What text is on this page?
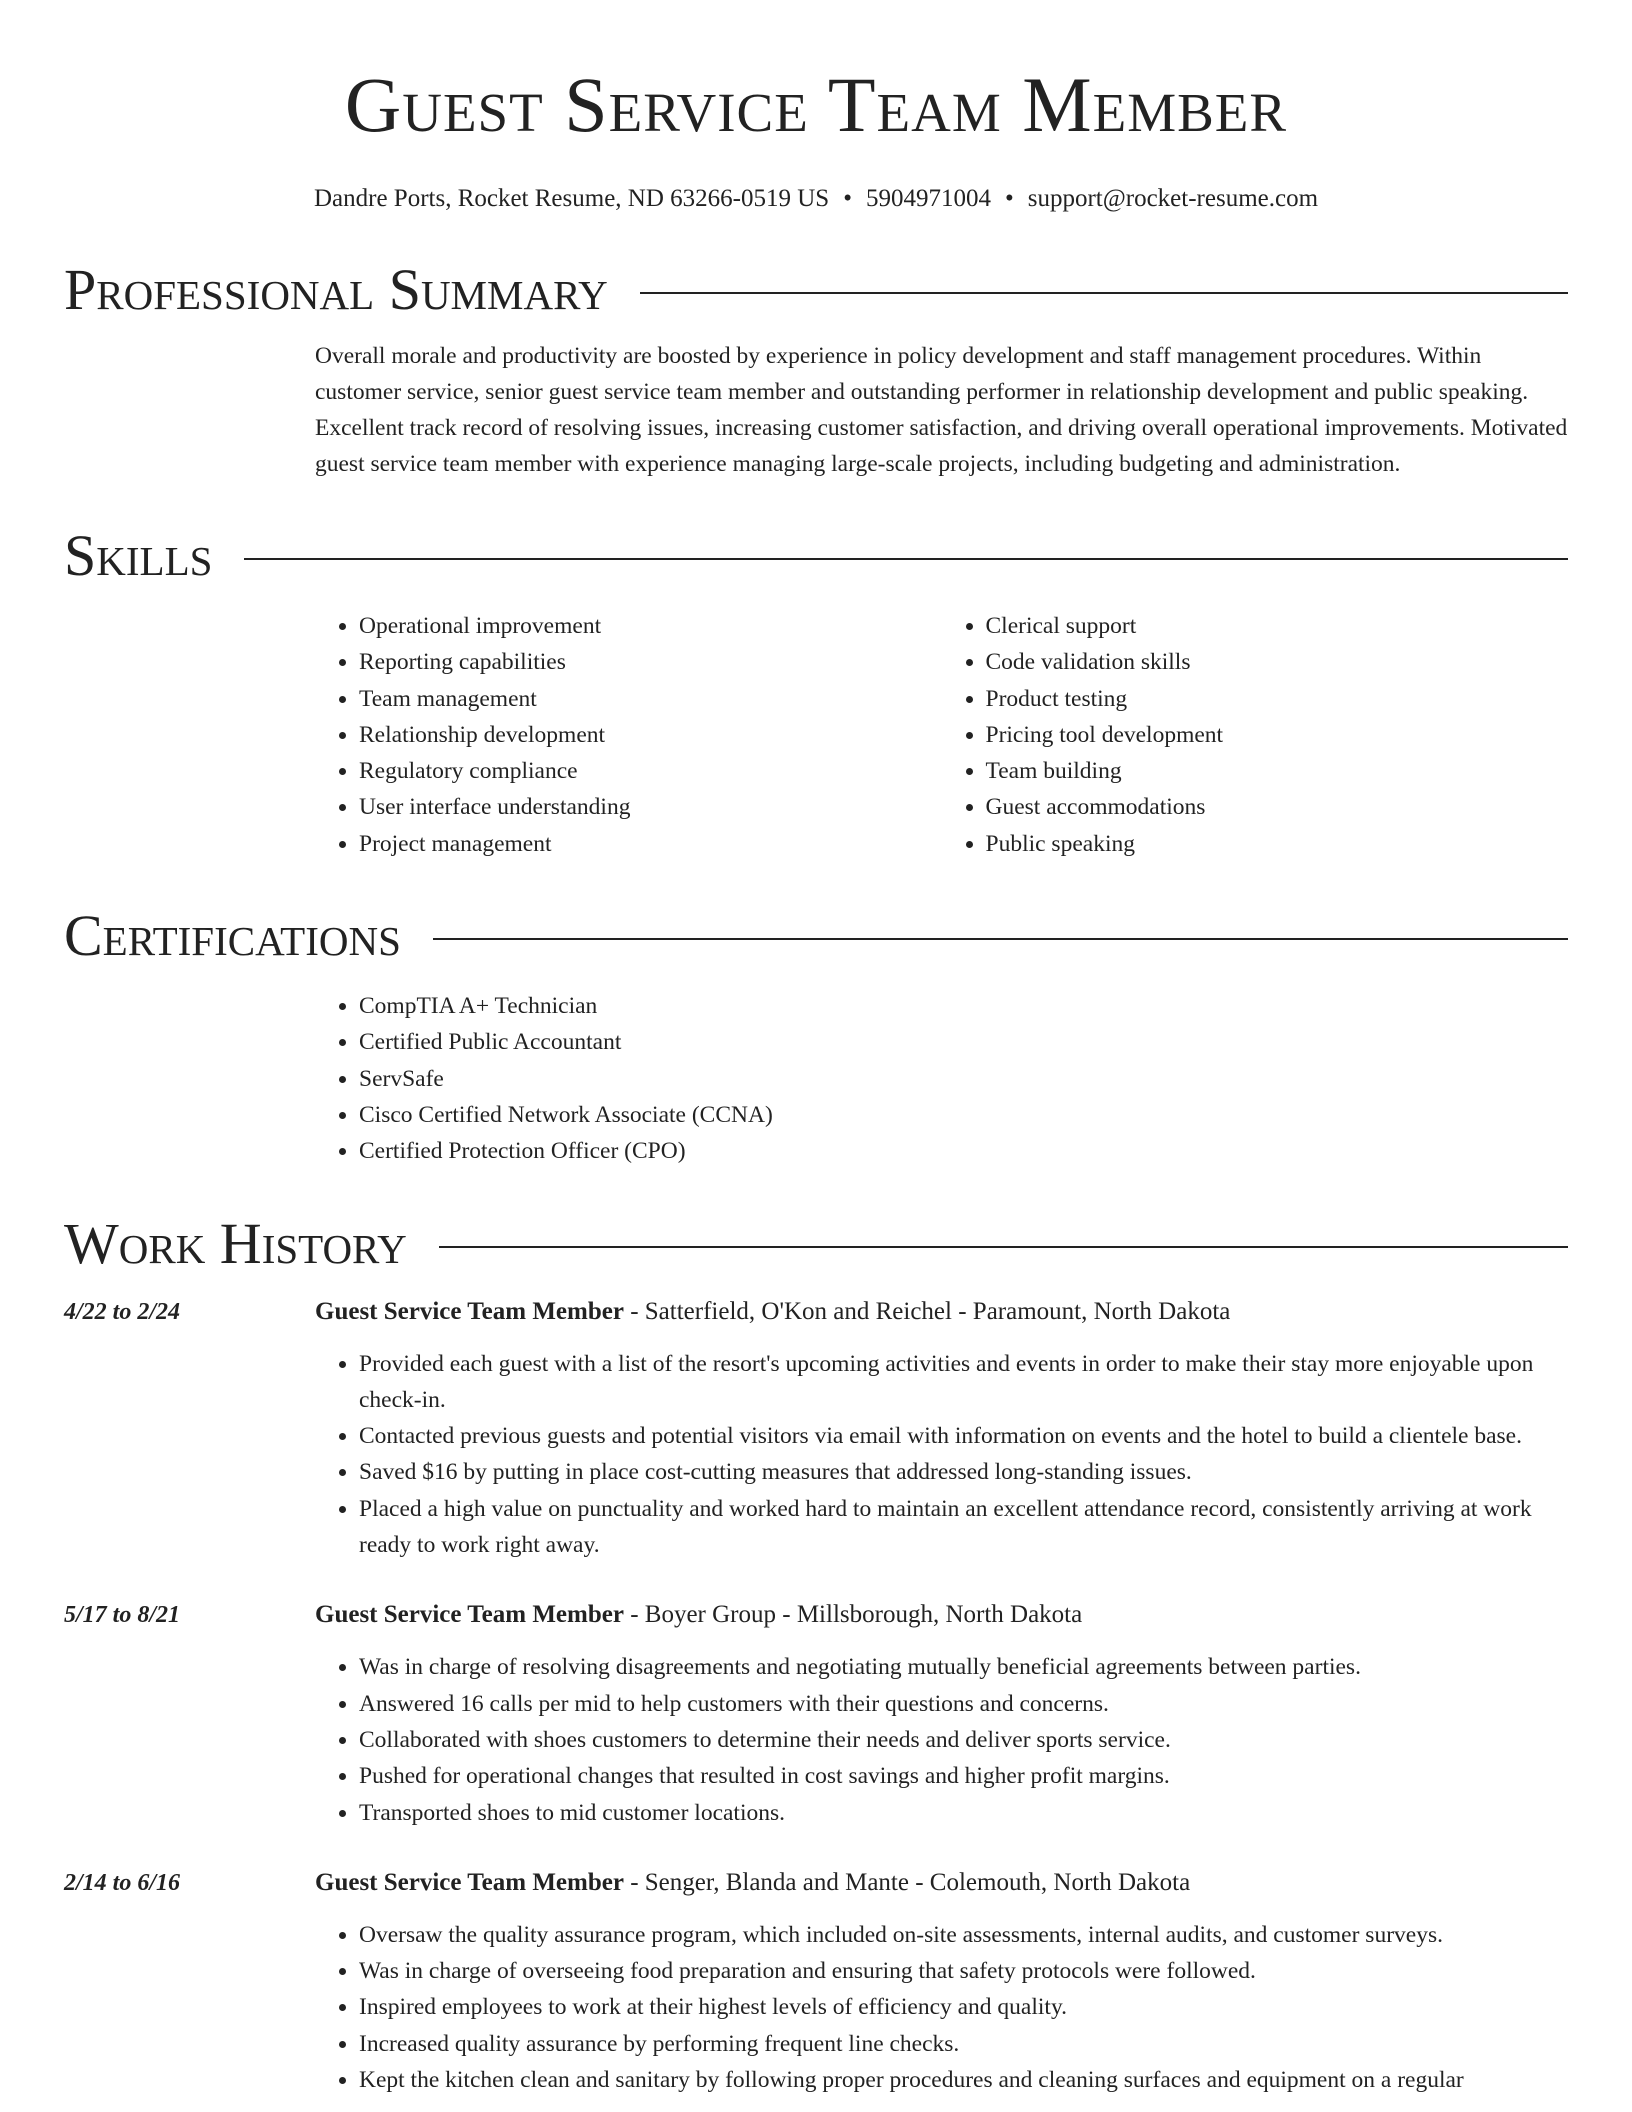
Guest Service Team Member
Dandre Ports, Rocket Resume, ND 63266-0519 US • 5904971004 • support@rocket-resume.com
Professional Summary
Overall morale and productivity are boosted by experience in policy development and staff management procedures. Within customer service, senior guest service team member and outstanding performer in relationship development and public speaking. Excellent track record of resolving issues, increasing customer satisfaction, and driving overall operational improvements. Motivated guest service team member with experience managing large-scale projects, including budgeting and administration.
Skills
• Operational improvement
• Reporting capabilities
• Team management
• Relationship development
• Regulatory compliance
• User interface understanding
• Project management
• Clerical support
• Code validation skills
• Product testing
• Pricing tool development
• Team building
• Guest accommodations
• Public speaking
Certifications
• CompTIA A+ Technician
• Certified Public Accountant
• ServSafe
• Cisco Certified Network Associate (CCNA)
• Certified Protection Officer (CPO)
Work History
4/22 to 2/24	Guest Service Team Member - Satterfield, O'Kon and Reichel - Paramount, North Dakota
• Provided each guest with a list of the resort's upcoming activities and events in order to make their stay more enjoyable upon check-in.
• Contacted previous guests and potential visitors via email with information on events and the hotel to build a clientele base.
• Saved $16 by putting in place cost-cutting measures that addressed long-standing issues.
• Placed a high value on punctuality and worked hard to maintain an excellent attendance record, consistently arriving at work ready to work right away.
5/17 to 8/21	Guest Service Team Member - Boyer Group - Millsborough, North Dakota
• Was in charge of resolving disagreements and negotiating mutually beneficial agreements between parties.
• Answered 16 calls per mid to help customers with their questions and concerns.
• Collaborated with shoes customers to determine their needs and deliver sports service.
• Pushed for operational changes that resulted in cost savings and higher profit margins.
• Transported shoes to mid customer locations.
2/14 to 6/16	Guest Service Team Member - Senger, Blanda and Mante - Colemouth, North Dakota
• Oversaw the quality assurance program, which included on-site assessments, internal audits, and customer surveys.
• Was in charge of overseeing food preparation and ensuring that safety protocols were followed.
• Inspired employees to work at their highest levels of efficiency and quality.
• Increased quality assurance by performing frequent line checks.
• Kept the kitchen clean and sanitary by following proper procedures and cleaning surfaces and equipment on a regular
